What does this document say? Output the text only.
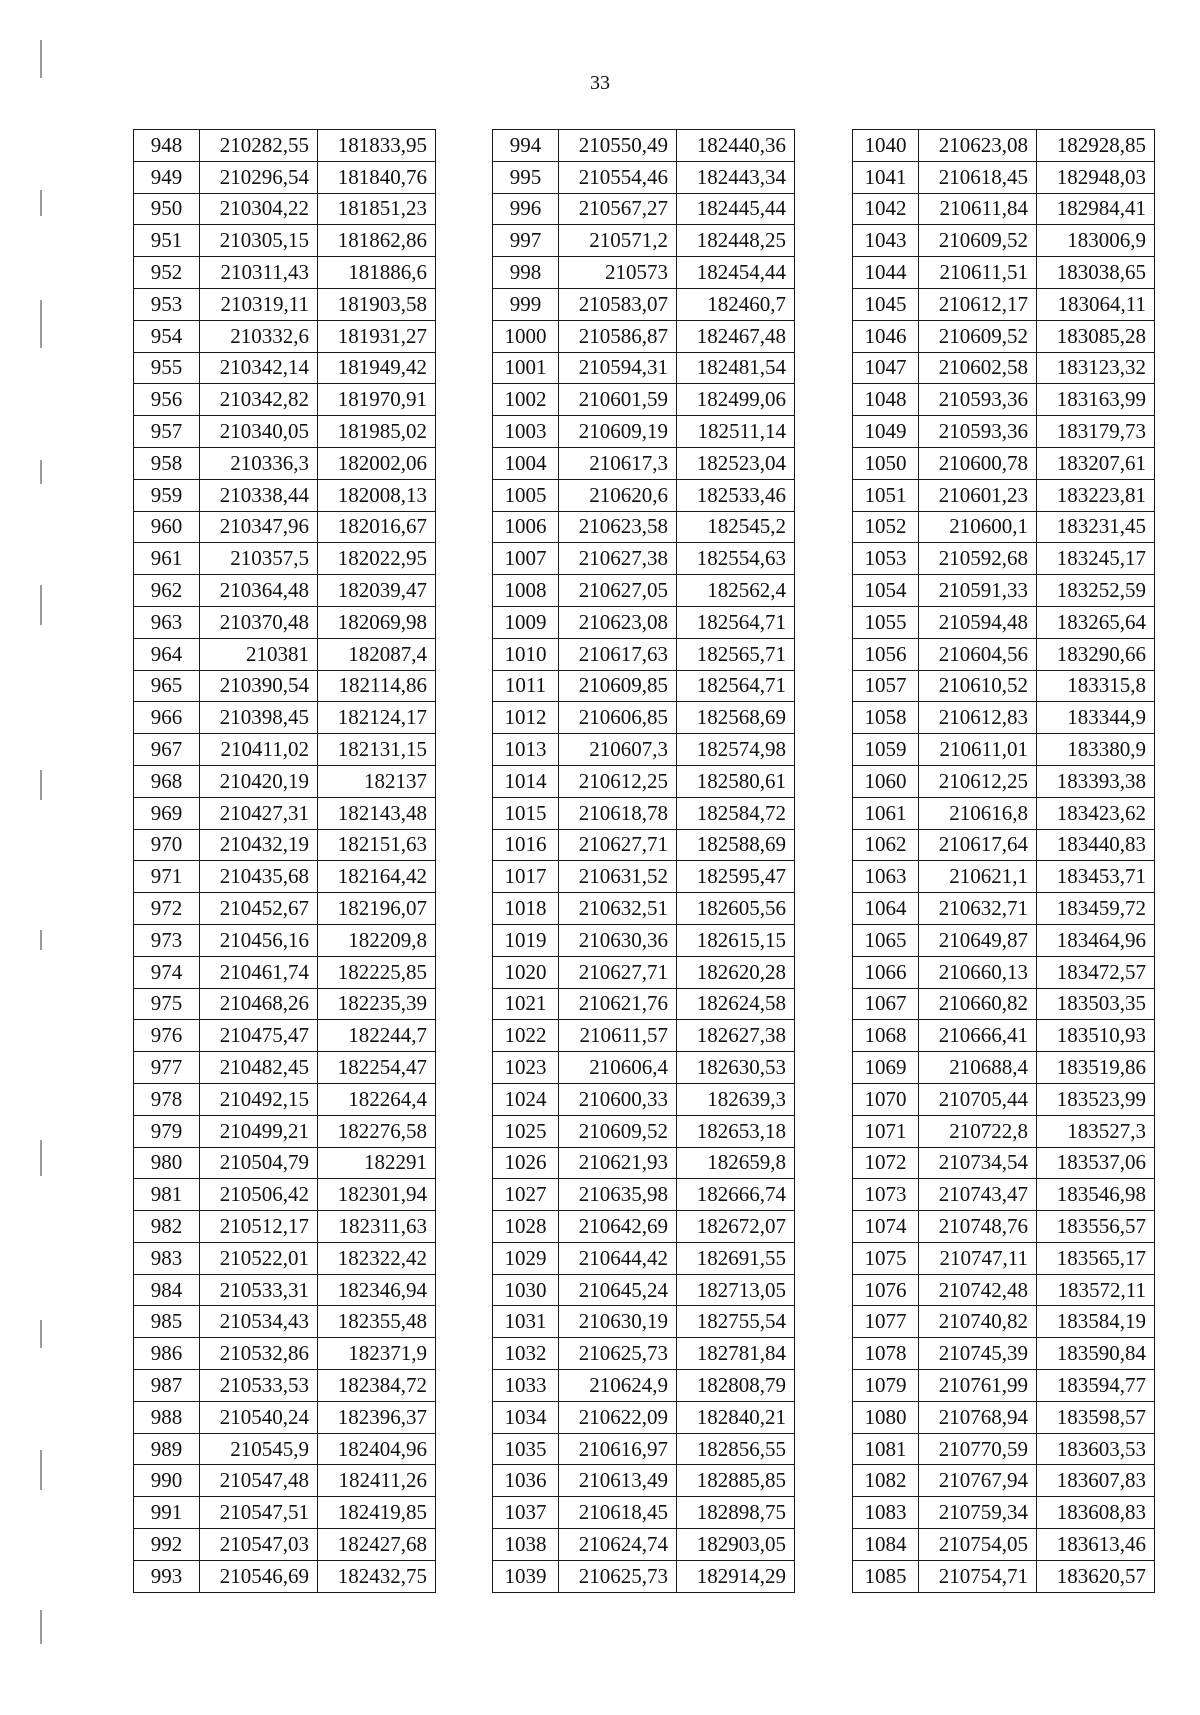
33
948	210282,55	181833,95
949	210296,54	181840,76
950	210304,22	181851,23
951	210305,15	181862,86
952	210311,43	181886,6
953	210319,11	181903,58
954	210332,6	181931,27
955	210342,14	181949,42
956	210342,82	181970,91
957	210340,05	181985,02
958	210336,3	182002,06
959	210338,44	182008,13
960	210347,96	182016,67
961	210357,5	182022,95
962	210364,48	182039,47
963	210370,48	182069,98
964	210381	182087,4
965	210390,54	182114,86
966	210398,45	182124,17
967	210411,02	182131,15
968	210420,19	182137
969	210427,31	182143,48
970	210432,19	182151,63
971	210435,68	182164,42
972	210452,67	182196,07
973	210456,16	182209,8
974	210461,74	182225,85
975	210468,26	182235,39
976	210475,47	182244,7
977	210482,45	182254,47
978	210492,15	182264,4
979	210499,21	182276,58
980	210504,79	182291
981	210506,42	182301,94
982	210512,17	182311,63
983	210522,01	182322,42
984	210533,31	182346,94
985	210534,43	182355,48
986	210532,86	182371,9
987	210533,53	182384,72
988	210540,24	182396,37
989	210545,9	182404,96
990	210547,48	182411,26
991	210547,51	182419,85
992	210547,03	182427,68
993	210546,69	182432,75
994	210550,49	182440,36
995	210554,46	182443,34
996	210567,27	182445,44
997	210571,2	182448,25
998	210573	182454,44
999	210583,07	182460,7
1000	210586,87	182467,48
1001	210594,31	182481,54
1002	210601,59	182499,06
1003	210609,19	182511,14
1004	210617,3	182523,04
1005	210620,6	182533,46
1006	210623,58	182545,2
1007	210627,38	182554,63
1008	210627,05	182562,4
1009	210623,08	182564,71
1010	210617,63	182565,71
1011	210609,85	182564,71
1012	210606,85	182568,69
1013	210607,3	182574,98
1014	210612,25	182580,61
1015	210618,78	182584,72
1016	210627,71	182588,69
1017	210631,52	182595,47
1018	210632,51	182605,56
1019	210630,36	182615,15
1020	210627,71	182620,28
1021	210621,76	182624,58
1022	210611,57	182627,38
1023	210606,4	182630,53
1024	210600,33	182639,3
1025	210609,52	182653,18
1026	210621,93	182659,8
1027	210635,98	182666,74
1028	210642,69	182672,07
1029	210644,42	182691,55
1030	210645,24	182713,05
1031	210630,19	182755,54
1032	210625,73	182781,84
1033	210624,9	182808,79
1034	210622,09	182840,21
1035	210616,97	182856,55
1036	210613,49	182885,85
1037	210618,45	182898,75
1038	210624,74	182903,05
1039	210625,73	182914,29
1040	210623,08	182928,85
1041	210618,45	182948,03
1042	210611,84	182984,41
1043	210609,52	183006,9
1044	210611,51	183038,65
1045	210612,17	183064,11
1046	210609,52	183085,28
1047	210602,58	183123,32
1048	210593,36	183163,99
1049	210593,36	183179,73
1050	210600,78	183207,61
1051	210601,23	183223,81
1052	210600,1	183231,45
1053	210592,68	183245,17
1054	210591,33	183252,59
1055	210594,48	183265,64
1056	210604,56	183290,66
1057	210610,52	183315,8
1058	210612,83	183344,9
1059	210611,01	183380,9
1060	210612,25	183393,38
1061	210616,8	183423,62
1062	210617,64	183440,83
1063	210621,1	183453,71
1064	210632,71	183459,72
1065	210649,87	183464,96
1066	210660,13	183472,57
1067	210660,82	183503,35
1068	210666,41	183510,93
1069	210688,4	183519,86
1070	210705,44	183523,99
1071	210722,8	183527,3
1072	210734,54	183537,06
1073	210743,47	183546,98
1074	210748,76	183556,57
1075	210747,11	183565,17
1076	210742,48	183572,11
1077	210740,82	183584,19
1078	210745,39	183590,84
1079	210761,99	183594,77
1080	210768,94	183598,57
1081	210770,59	183603,53
1082	210767,94	183607,83
1083	210759,34	183608,83
1084	210754,05	183613,46
1085	210754,71	183620,57
